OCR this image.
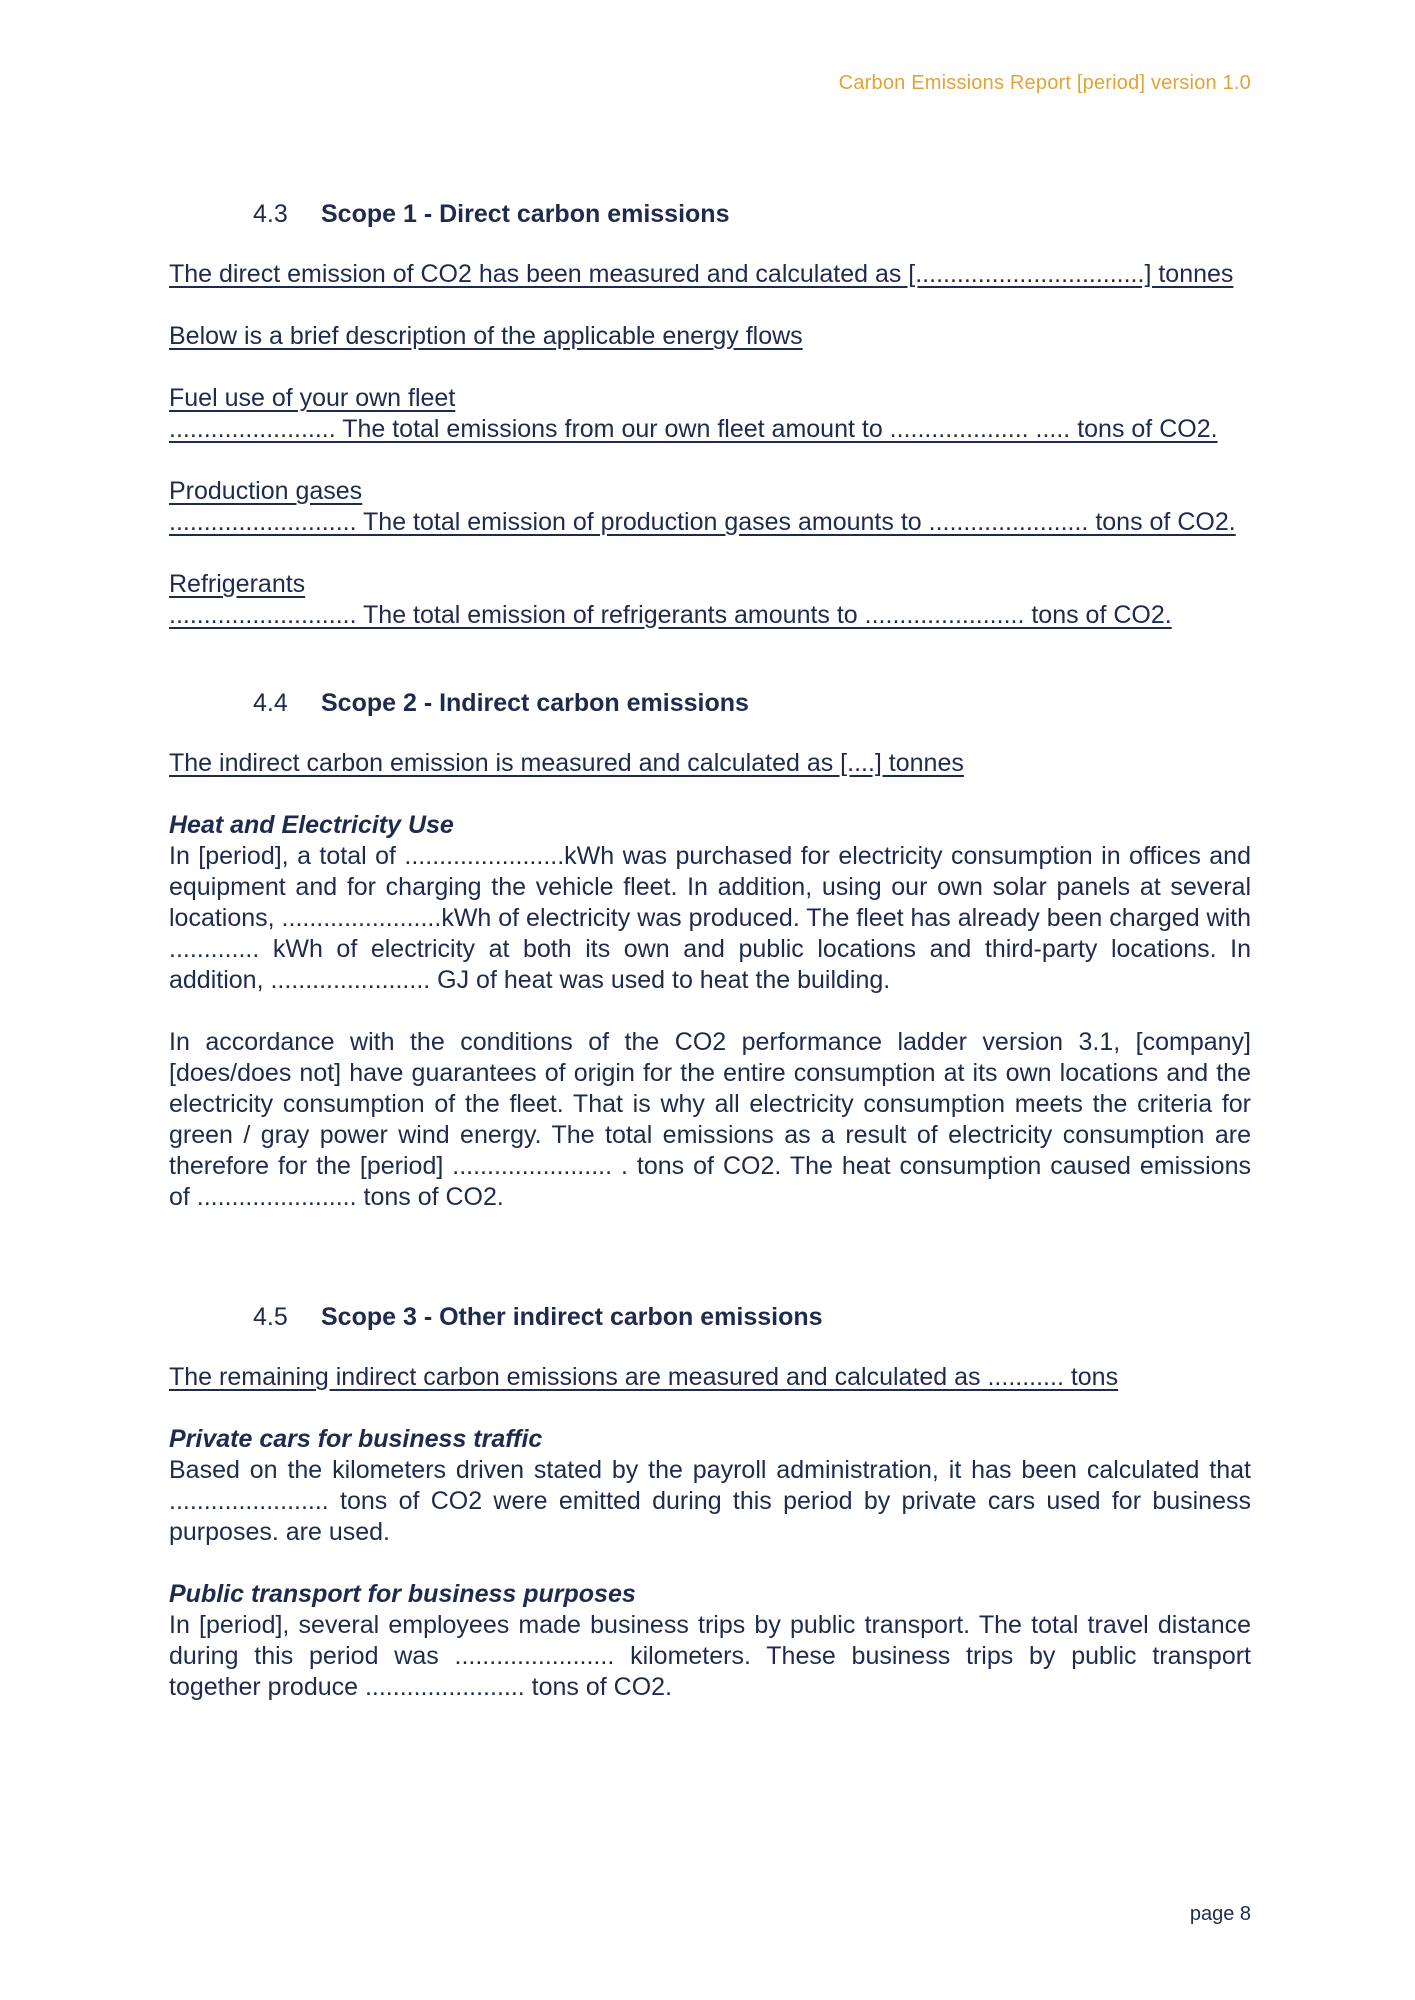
Carbon Emissions Report [period] version 1.0
4.3	Scope 1 - Direct carbon emissions

The direct emission of CO2 has been measured and calculated as [.................................] tonnes

Below is a brief description of the applicable energy flows

Fuel use of your own fleet

........................ The total emissions from our own fleet amount to .................... ..... tons of CO2.

Production gases

........................... The total emission of production gases amounts to ....................... tons of CO2.

Refrigerants

........................... The total emission of refrigerants amounts to ....................... tons of CO2.

4.4	Scope 2 - Indirect carbon emissions

The indirect carbon emission is measured and calculated as [....] tonnes

Heat and Electricity Use

In [period], a total of .......................kWh was purchased for electricity consumption in offices and equipment and for charging the vehicle fleet. In addition, using our own solar panels at several locations, .......................kWh of electricity was produced. The fleet has already been charged with ............. kWh of electricity at both its own and public locations and third-party locations. In addition, ....................... GJ of heat was used to heat the building.

In accordance with the conditions of the CO2 performance ladder version 3.1, [company] [does/does not] have guarantees of origin for the entire consumption at its own locations and the electricity consumption of the fleet. That is why all electricity consumption meets the criteria for green / gray power wind energy. The total emissions as a result of electricity consumption are therefore for the [period] ....................... . tons of CO2. The heat consumption caused emissions of ....................... tons of CO2.

4.5	Scope 3 - Other indirect carbon emissions

The remaining indirect carbon emissions are measured and calculated as ........... tons

Private cars for business traffic

Based on the kilometers driven stated by the payroll administration, it has been calculated that ....................... tons of CO2 were emitted during this period by private cars used for business purposes. are used.

Public transport for business purposes

In [period], several employees made business trips by public transport. The total travel distance during this period was ....................... kilometers. These business trips by public transport together produce ....................... tons of CO2.

page 8
